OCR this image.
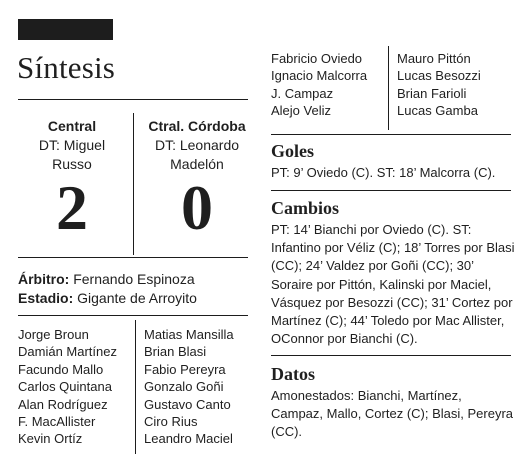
Síntesis
Central
DT: Miguel
Russo
2
Ctral. Córdoba
DT: Leonardo
Madelón
0
Árbitro: Fernando Espinoza
Estadio: Gigante de Arroyito
Jorge Broun
Damián Martínez
Facundo Mallo
Carlos Quintana
Alan Rodríguez
F. MacAllister
Kevin Ortíz
Matias Mansilla
Brian Blasi
Fabio Pereyra
Gonzalo Goñi
Gustavo Canto
Ciro Rius
Leandro Maciel
Fabricio Oviedo
Ignacio Malcorra
J. Campaz
Alejo Veliz
Mauro Pittón
Lucas Besozzi
Brian Farioli
Lucas Gamba
Goles
PT: 9’ Oviedo (C). ST: 18’ Malcorra (C).
Cambios
PT: 14’ Bianchi por Oviedo (C). ST: Infantino por Véliz (C); 18’ Torres por Blasi (CC); 24’ Valdez por Goñi (CC); 30’ Soraire por Pittón, Kalinski por Maciel, Vásquez por Besozzi (CC); 31’ Cortez por Martínez (C); 44’ Toledo por Mac Allister, OConnor por Bianchi (C).
Datos
Amonestados: Bianchi, Martínez, Campaz, Mallo, Cortez (C); Blasi, Pereyra (CC).
